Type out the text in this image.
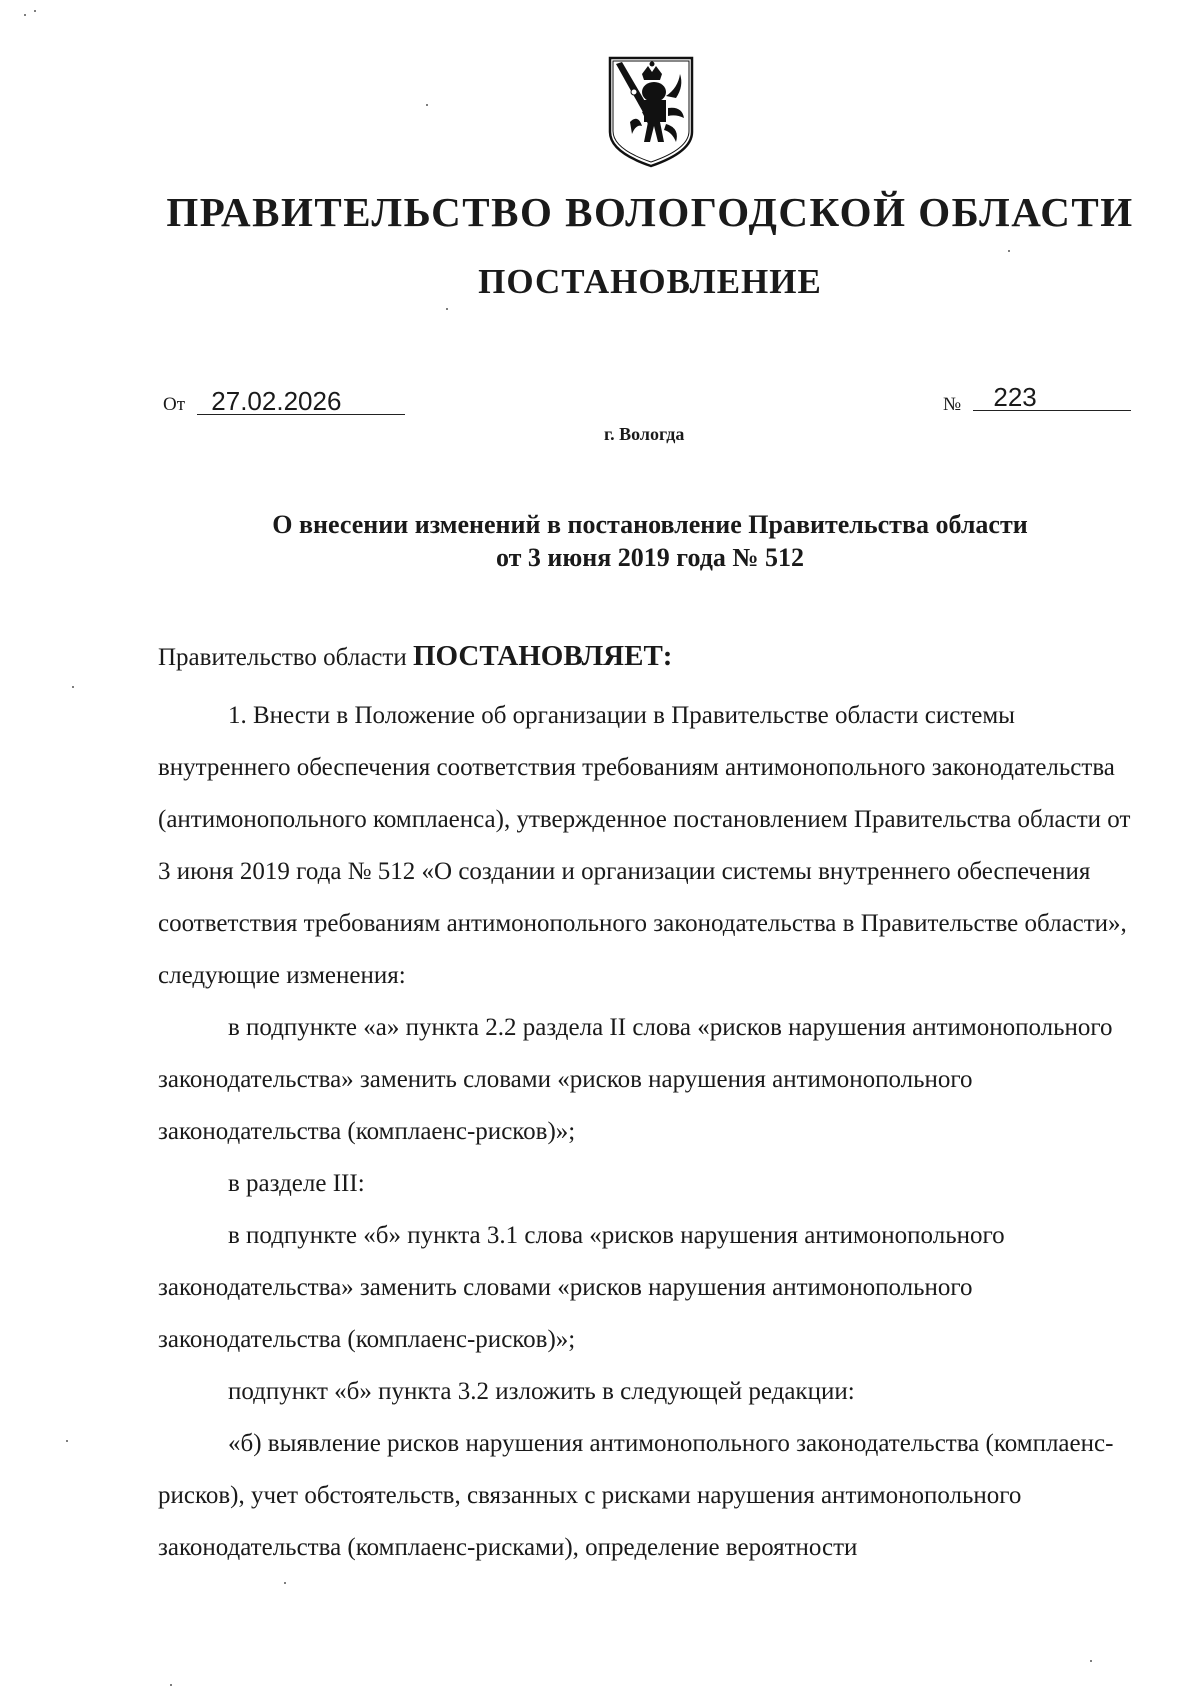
ПРАВИТЕЛЬСТВО ВОЛОГОДСКОЙ ОБЛАСТИ
ПОСТАНОВЛЕНИЕ
От 27.02.2026	№ 223
г. Вологда
О внесении изменений в постановление Правительства области
от 3 июня 2019 года № 512

Правительство области ПОСТАНОВЛЯЕТ:

1. Внести в Положение об организации в Правительстве области системы внутреннего обеспечения соответствия требованиям антимонопольного законодательства (антимонопольного комплаенса), утвержденное постановлением Правительства области от 3 июня 2019 года № 512 «О создании и организации системы внутреннего обеспечения соответствия требованиям антимонопольного законодательства в Правительстве области», следующие изменения:

в подпункте «а» пункта 2.2 раздела II слова «рисков нарушения антимонопольного законодательства» заменить словами «рисков нарушения антимонопольного законодательства (комплаенс-рисков)»;

в разделе III:

в подпункте «б» пункта 3.1 слова «рисков нарушения антимонопольного законодательства» заменить словами «рисков нарушения антимонопольного законодательства (комплаенс-рисков)»;

подпункт «б» пункта 3.2 изложить в следующей редакции:

«б) выявление рисков нарушения антимонопольного законодательства (комплаенс-рисков), учет обстоятельств, связанных с рисками нарушения антимонопольного законодательства (комплаенс-рисками), определение вероятности
